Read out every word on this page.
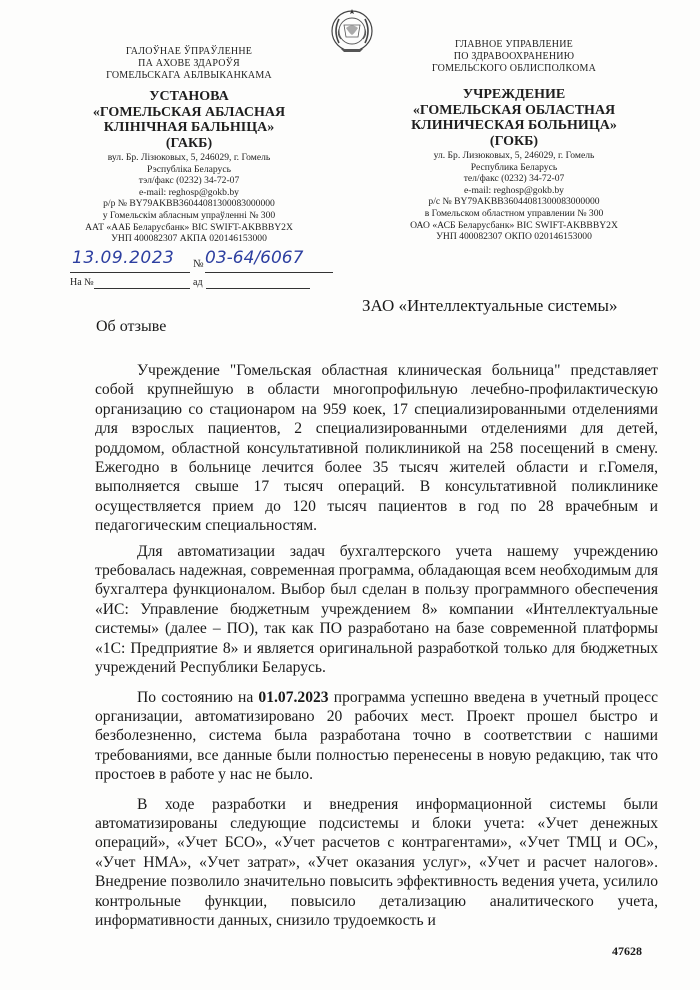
ГАЛОЎНАЕ ЎПРАЎЛЕННЕ
ПА АХОВЕ ЗДАРОЎЯ
ГОМЕЛЬСКАГА АБЛВЫКАНКАМА
УСТАНОВА
«ГОМЕЛЬСКАЯ АБЛАСНАЯ
КЛІНІЧНАЯ БАЛЬНІЦА»
(ГАКБ)
вул. Бр. Лізюковых, 5, 246029, г. Гомель
Рэспубліка Беларусь
тэл/факс (0232) 34-72-07
e-mail: reghosp@gokb.by
р/р № BY79AKBB36044081300083000000
у Гомельскім абласным упраўленні № 300
ААТ «ААБ Беларусбанк» BIC SWIFT-AKBBBY2X
УНП 400082307 АКПА 020146153000
ГЛАВНОЕ УПРАВЛЕНИЕ
ПО ЗДРАВООХРАНЕНИЮ
ГОМЕЛЬСКОГО ОБЛИСПОЛКОМА
УЧРЕЖДЕНИЕ
«ГОМЕЛЬСКАЯ ОБЛАСТНАЯ
КЛИНИЧЕСКАЯ БОЛЬНИЦА»
(ГОКБ)
ул. Бр. Лизюковых, 5, 246029, г. Гомель
Республика Беларусь
тел/факс (0232) 34-72-07
e-mail: reghosp@gokb.by
р/с № BY79AKBB36044081300083000000
в Гомельском областном управлении № 300
ОАО «АСБ Беларусбанк» BIC SWIFT-AKBBBY2X
УНП 400082307 ОКПО 020146153000
13.09.2023 № 03-64/6067
На №	ад
ЗАО «Интеллектуальные системы»
Об отзыве

Учреждение "Гомельская областная клиническая больница" представляет собой крупнейшую в области многопрофильную лечебно-профилактическую организацию со стационаром на 959 коек, 17 специализированными отделениями для взрослых пациентов, 2 специализированными отделениями для детей, роддомом, областной консультативной поликлиникой на 258 посещений в смену. Ежегодно в больнице лечится более 35 тысяч жителей области и г.Гомеля, выполняется свыше 17 тысяч операций. В консультативной поликлинике осуществляется прием до 120 тысяч пациентов в год по 28 врачебным и педагогическим специальностям.

Для автоматизации задач бухгалтерского учета нашему учреждению требовалась надежная, современная программа, обладающая всем необходимым для бухгалтера функционалом. Выбор был сделан в пользу программного обеспечения «ИС: Управление бюджетным учреждением 8» компании «Интеллектуальные системы» (далее – ПО), так как ПО разработано на базе современной платформы «1С: Предприятие 8» и является оригинальной разработкой только для бюджетных учреждений Республики Беларусь.

По состоянию на 01.07.2023 программа успешно введена в учетный процесс организации, автоматизировано 20 рабочих мест. Проект прошел быстро и безболезненно, система была разработана точно в соответствии с нашими требованиями, все данные были полностью перенесены в новую редакцию, так что простоев в работе у нас не было.

В ходе разработки и внедрения информационной системы были автоматизированы следующие подсистемы и блоки учета: «Учет денежных операций», «Учет БСО», «Учет расчетов с контрагентами», «Учет ТМЦ и ОС», «Учет НМА», «Учет затрат», «Учет оказания услуг», «Учет и расчет налогов». Внедрение позволило значительно повысить эффективность ведения учета, усилило контрольные функции, повысило детализацию аналитического учета, информативности данных, снизило трудоемкость и

47628
